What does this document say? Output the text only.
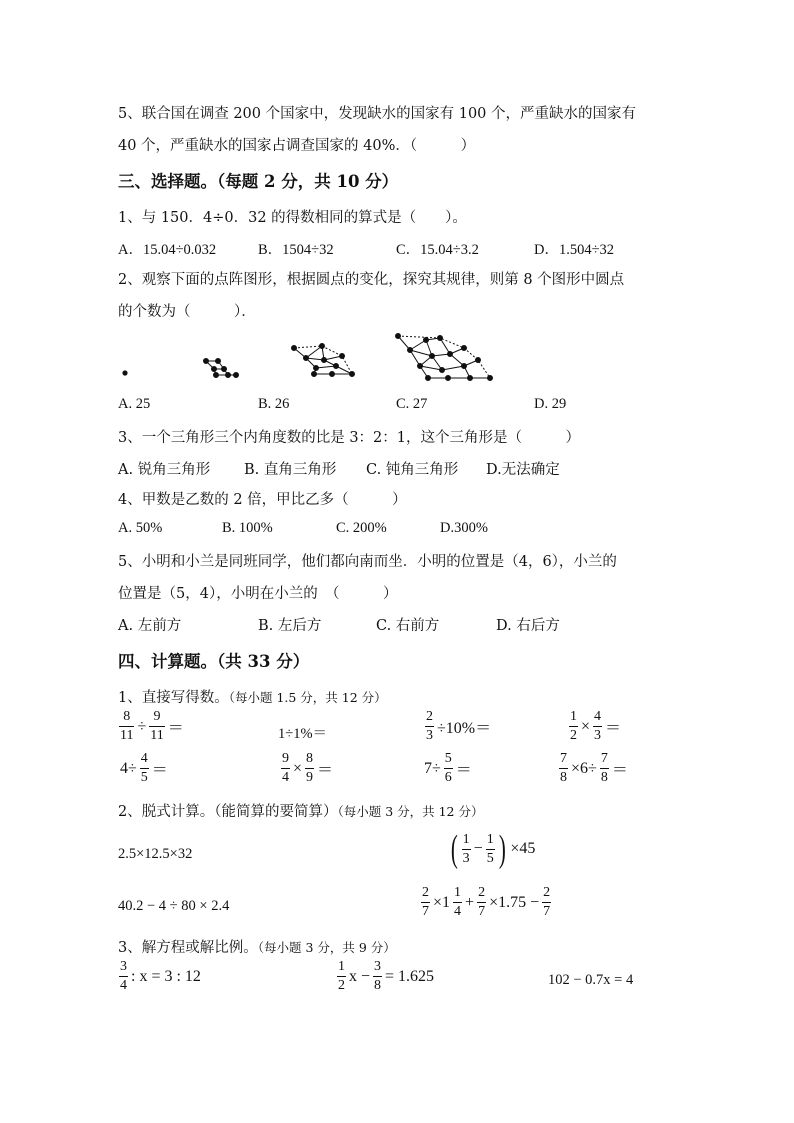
5、联合国在调查 200 个国家中，发现缺水的国家有 100 个，严重缺水的国家有
40 个，严重缺水的国家占调查国家的 40%．（　　　）
三、选择题。（每题 2 分，共 10 分）
1、与 150．4÷0．32 的得数相同的算式是（　　）。
A．15.04÷0.032	B．1504÷32	C．15.04÷3.2	D．1.504÷32
2、观察下面的点阵图形，根据圆点的变化，探究其规律，则第 8 个图形中圆点
的个数为（　　　）．
A. 25	B. 26	C. 27	D. 29
3、一个三角形三个内角度数的比是 3：2：1，这个三角形是（　　　）
A. 锐角三角形 B. 直角三角形 C. 钝角三角形 D.无法确定
4、甲数是乙数的 2 倍，甲比乙多（　　　）
A. 50%	B. 100%	C. 200%	D.300%
5、小明和小兰是同班同学，他们都向南而坐．小明的位置是（4，6），小兰的
位置是（5，4），小明在小兰的　（　　　）
A. 左前方	B. 左后方	C. 右前方	D. 右后方
四、计算题。（共 33 分）
1、直接写得数。（每小题 1.5 分，共 12 分）
$\frac{8}{11} \div \frac{9}{11}$ ＝	1÷1%＝	$\frac{2}{3} \div 10\%=$	$\frac{1}{2} \times \frac{4}{3}$ ＝
$4\div \frac{4}{5}$ ＝	$\frac{9}{4} \times \frac{8}{9}$ ＝	$7\div \frac{5}{6}$ ＝	$\frac{7}{8} \times 6\div \frac{7}{8}$ ＝
2、脱式计算。（能简算的要简算）（每小题 3 分，共 12 分）
2.5×12.5×32	( $\frac{1}{3} - \frac{1}{5}$ ) ×45
40.2 − 4 ÷ 80 × 2.4	$\frac{2}{7} \times 1 \frac{1}{4} + \frac{2}{7} \times 1.75 - \frac{2}{7}$
3、解方程或解比例。（每小题 3 分，共 9 分）
$\frac{3}{4}$ : x = 3 : 12	$\frac{1}{2}$ $x - \frac{3}{8} = 1.625$	102 − 0.7x = 4
